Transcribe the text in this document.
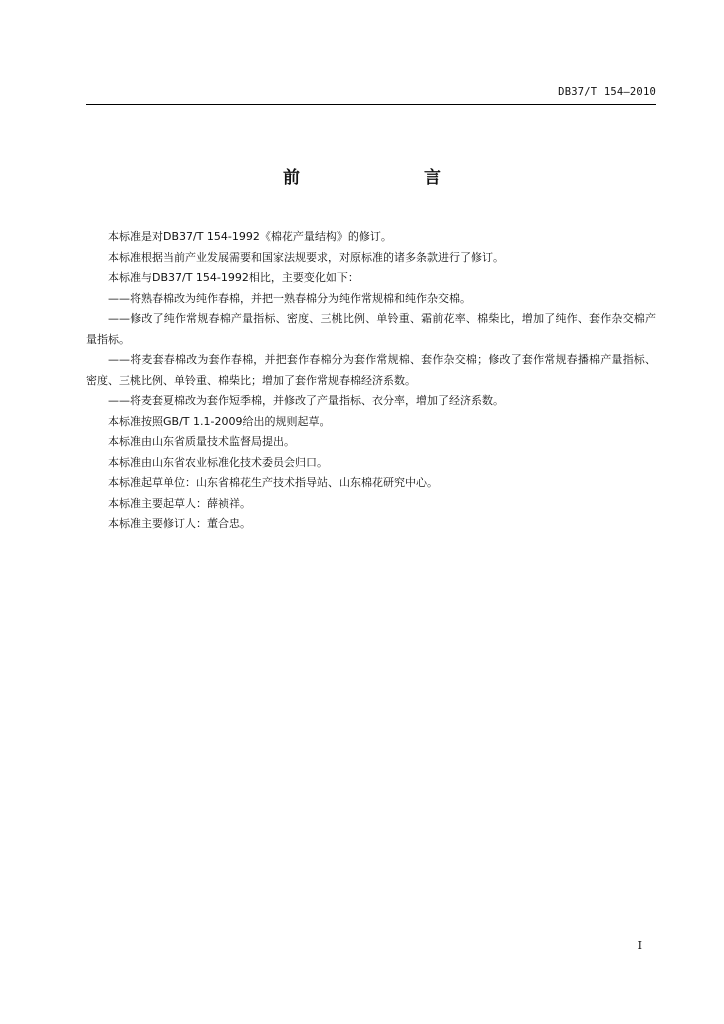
DB37/T 154—2010
前　　言

本标准是对DB37/T 154-1992《棉花产量结构》的修订。

本标准根据当前产业发展需要和国家法规要求，对原标准的诸多条款进行了修订。

本标准与DB37/T 154-1992相比，主要变化如下：

——将熟春棉改为纯作春棉，并把一熟春棉分为纯作常规棉和纯作杂交棉。

——修改了纯作常规春棉产量指标、密度、三桃比例、单铃重、霜前花率、棉柴比，增加了纯作、套作杂交棉产量指标。

——将麦套春棉改为套作春棉，并把套作春棉分为套作常规棉、套作杂交棉；修改了套作常规春播棉产量指标、密度、三桃比例、单铃重、棉柴比；增加了套作常规春棉经济系数。

——将麦套夏棉改为套作短季棉，并修改了产量指标、衣分率，增加了经济系数。

本标准按照GB/T 1.1-2009给出的规则起草。

本标准由山东省质量技术监督局提出。

本标准由山东省农业标准化技术委员会归口。

本标准起草单位：山东省棉花生产技术指导站、山东棉花研究中心。

本标准主要起草人：薛祯祥。

本标准主要修订人：董合忠。

I
